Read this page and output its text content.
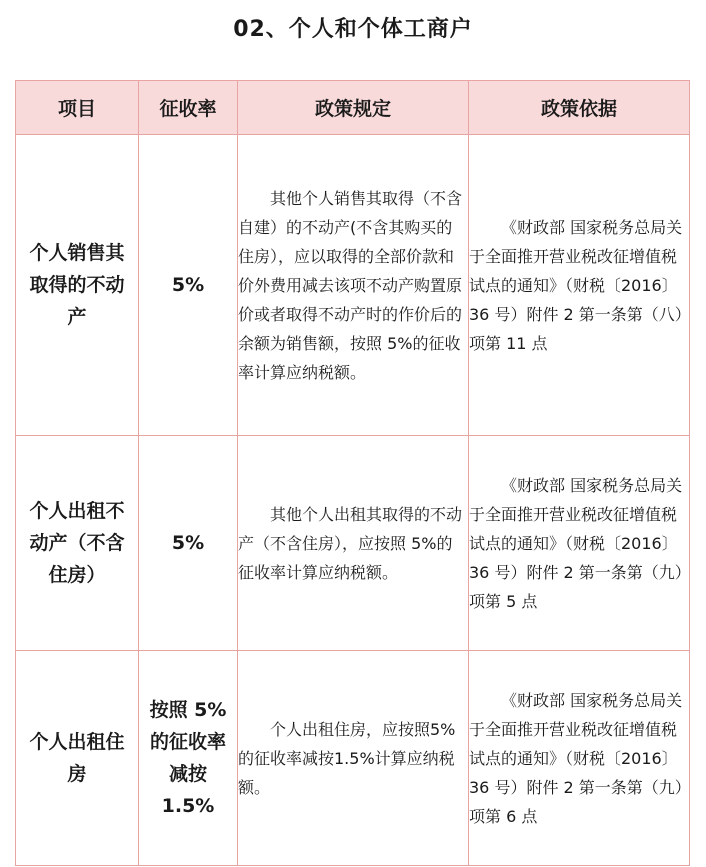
02、个人和个体工商户
项目	征收率	政策规定	政策依据

个人销售其取得的不动产	5%	其他个人销售其取得（不含自建）的不动产(不含其购买的住房），应以取得的全部价款和价外费用减去该项不动产购置原价或者取得不动产时的作价后的余额为销售额，按照 5%的征收率计算应纳税额。	《财政部 国家税务总局关于全面推开营业税改征增值税试点的通知》（财税〔2016〕36 号）附件 2 第一条第（八）项第 11 点

个人出租不动产（不含住房）	5%	其他个人出租其取得的不动产（不含住房），应按照 5%的征收率计算应纳税额。	《财政部 国家税务总局关于全面推开营业税改征增值税试点的通知》（财税〔2016〕36 号）附件 2 第一条第（九）项第 5 点

个人出租住房	按照 5%的征收率减按 1.5%	个人出租住房，应按照5%的征收率减按1.5%计算应纳税额。	《财政部 国家税务总局关于全面推开营业税改征增值税试点的通知》（财税〔2016〕36 号）附件 2 第一条第（九）项第 6 点
